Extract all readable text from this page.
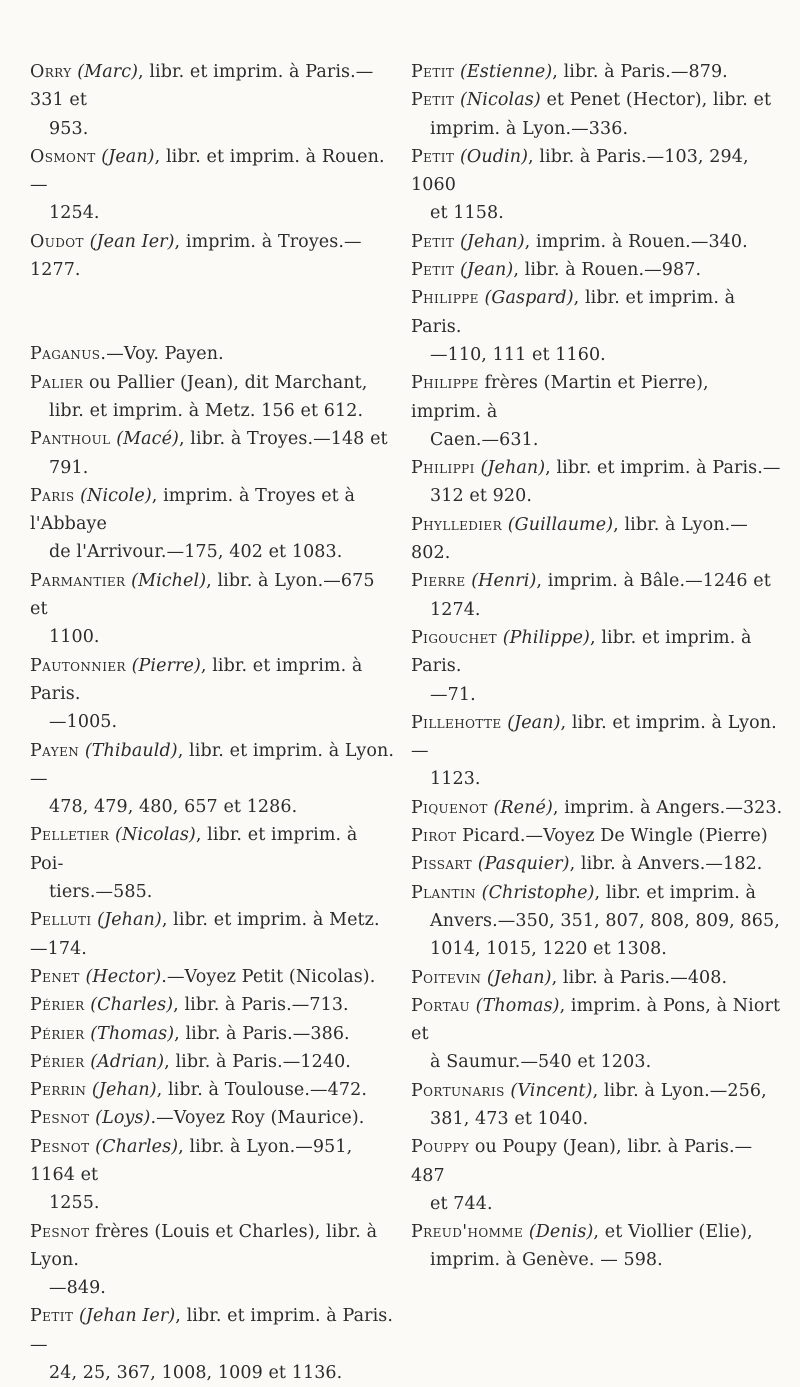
Orry (Marc), libr. et imprim. à Paris.—331 et
953.

Osmont (Jean), libr. et imprim. à Rouen.—
1254.

Oudot (Jean Ier), imprim. à Troyes.—1277.

Paganus.—Voy. Payen.

Palier ou Pallier (Jean), dit Marchant,
libr. et imprim. à Metz. 156 et 612.

Panthoul (Macé), libr. à Troyes.—148 et
791.

Paris (Nicole), imprim. à Troyes et à l'Abbaye
de l'Arrivour.—175, 402 et 1083.

Parmantier (Michel), libr. à Lyon.—675 et
1100.

Pautonnier (Pierre), libr. et imprim. à Paris.
—1005.

Payen (Thibauld), libr. et imprim. à Lyon.—
478, 479, 480, 657 et 1286.

Pelletier (Nicolas), libr. et imprim. à Poi-
tiers.—585.

Pelluti (Jehan), libr. et imprim. à Metz.—174.

Penet (Hector).—Voyez Petit (Nicolas).

Périer (Charles), libr. à Paris.—713.

Périer (Thomas), libr. à Paris.—386.

Périer (Adrian), libr. à Paris.—1240.

Perrin (Jehan), libr. à Toulouse.—472.

Pesnot (Loys).—Voyez Roy (Maurice).

Pesnot (Charles), libr. à Lyon.—951, 1164 et
1255.

Pesnot frères (Louis et Charles), libr. à Lyon.
—849.

Petit (Jehan Ier), libr. et imprim. à Paris.—
24, 25, 367, 1008, 1009 et 1136.

Petit (Estienne), libr. à Paris.—879.

Petit (Nicolas) et Penet (Hector), libr. et
imprim. à Lyon.—336.

Petit (Oudin), libr. à Paris.—103, 294, 1060
et 1158.

Petit (Jehan), imprim. à Rouen.—340.

Petit (Jean), libr. à Rouen.—987.

Philippe (Gaspard), libr. et imprim. à Paris.
—110, 111 et 1160.

Philippe frères (Martin et Pierre), imprim. à
Caen.—631.

Philippi (Jehan), libr. et imprim. à Paris.—
312 et 920.

Phylledier (Guillaume), libr. à Lyon.—802.

Pierre (Henri), imprim. à Bâle.—1246 et
1274.

Pigouchet (Philippe), libr. et imprim. à Paris.
—71.

Pillehotte (Jean), libr. et imprim. à Lyon.—
1123.

Piquenot (René), imprim. à Angers.—323.

Pirot Picard.—Voyez De Wingle (Pierre)

Pissart (Pasquier), libr. à Anvers.—182.

Plantin (Christophe), libr. et imprim. à
Anvers.—350, 351, 807, 808, 809, 865,
1014, 1015, 1220 et 1308.

Poitevin (Jehan), libr. à Paris.—408.

Portau (Thomas), imprim. à Pons, à Niort et
à Saumur.—540 et 1203.

Portunaris (Vincent), libr. à Lyon.—256,
381, 473 et 1040.

Pouppy ou Poupy (Jean), libr. à Paris.—487
et 744.

Preud'homme (Denis), et Viollier (Elie),
imprim. à Genève. — 598.
